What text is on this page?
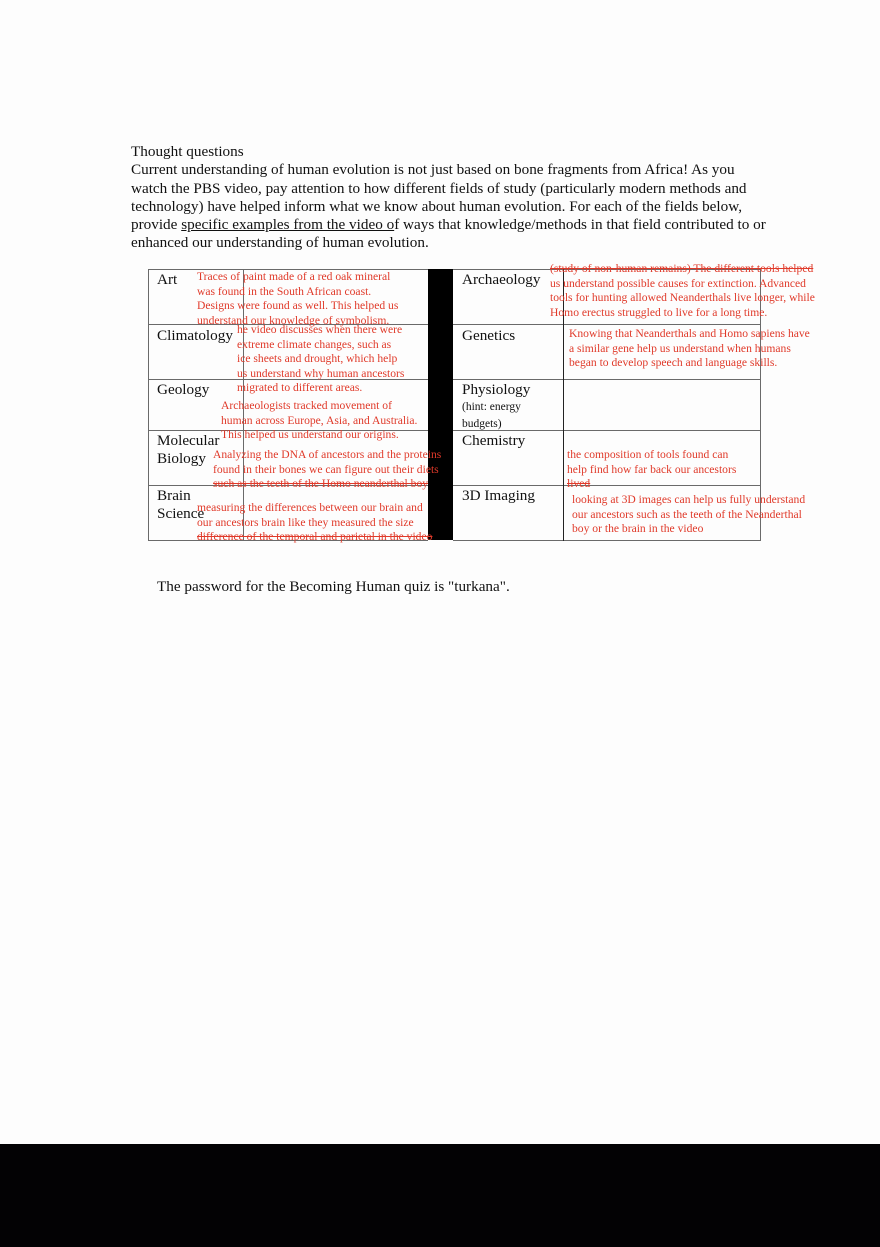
Thought questions
Current understanding of human evolution is not just based on bone fragments from Africa! As you watch the PBS video, pay attention to how different fields of study (particularly modern methods and technology) have helped inform what we know about human evolution. For each of the fields below, provide specific examples from the video of ways that knowledge/methods in that field contributed to or enhanced our understanding of human evolution.
Art
Climatology
Geology
Molecular
Biology
Brain
Science
Archaeology
Genetics
Physiology
(hint: energy
budgets)
Chemistry
3D Imaging
Traces of paint made of a red oak mineral
was found in the South African coast.
Designs were found as well. This helped us
understand our knowledge of symbolism.
he video discusses when there were
extreme climate changes, such as
ice sheets and drought, which help
us understand why human ancestors
migrated to different areas.
Archaeologists tracked movement of
human across Europe, Asia, and Australia.
This helped us understand our origins.
Analyzing the DNA of ancestors and the proteins
found in their bones we can figure out their diets
such as the teeth of the Homo neanderthal boy
measuring the differences between our brain and
our ancestors brain like they measured the size
difference of the temporal and parietal in the video
(study of non-human remains) The different tools helped
us understand possible causes for extinction. Advanced
tools for hunting allowed Neanderthals live longer, while
Homo erectus struggled to live for a long time.
Knowing that Neanderthals and Homo sapiens have
a similar gene help us understand when humans
began to develop speech and language skills.
the composition of tools found can
help find how far back our ancestors
lived
looking at 3D images can help us fully understand
our ancestors such as the teeth of the Neanderthal
boy or the brain in the video
The password for the Becoming Human quiz is "turkana".
